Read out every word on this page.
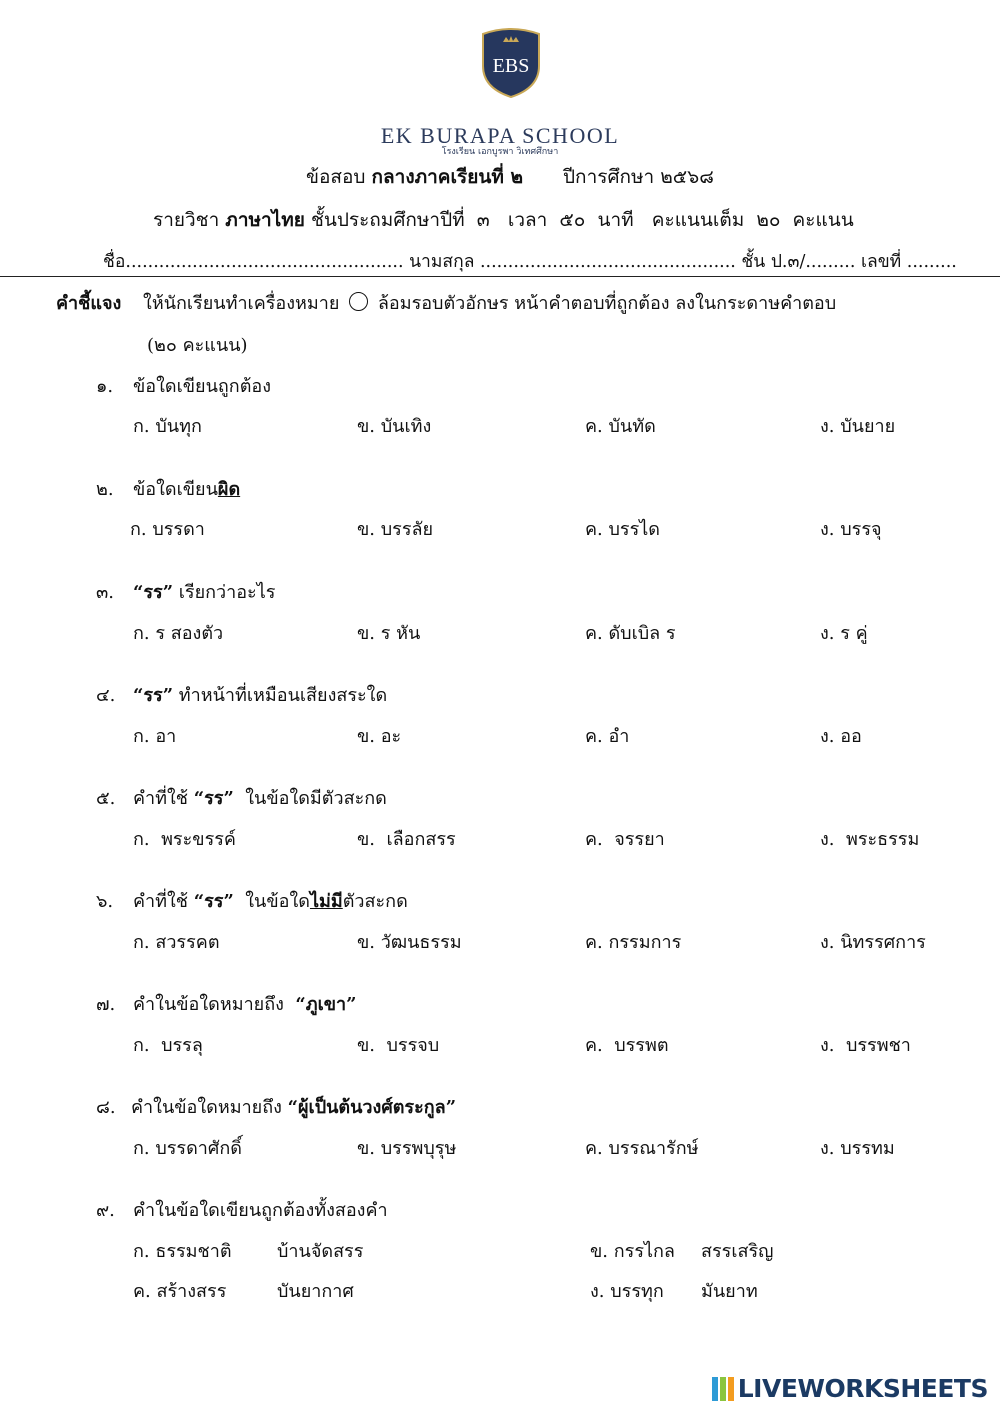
EBS
EK BURAPA SCHOOL
โรงเรียน เอกบูรพา วิเทศศึกษา
ข้อสอบ กลางภาคเรียนที่ ๒ ปีการศึกษา ๒๕๖๘
รายวิชา ภาษาไทย ชั้นประถมศึกษาปีที่  ๓   เวลา  ๕๐  นาที   คะแนนเต็ม  ๒๐  คะแนน
ชื่อ.................................................. นามสกุล .............................................. ชั้น ป.๓/......... เลขที่ .........
คำชี้แจง ให้นักเรียนทำเครื่องหมาย ล้อมรอบตัวอักษร หน้าคำตอบที่ถูกต้อง ลงในกระดาษคำตอบ
(๒๐ คะแนน)
๑. ข้อใดเขียนถูกต้อง
ก. บันทุก	ข. บันเทิง	ค. บันทัด	ง. บันยาย
๒. ข้อใดเขียนผิด
ก. บรรดา	ข. บรรลัย	ค. บรรได	ง. บรรจุ
๓. “รร” เรียกว่าอะไร
ก. ร สองตัว	ข. ร หัน	ค. ดับเบิล ร	ง. ร คู่
๔. “รร” ทำหน้าที่เหมือนเสียงสระใด
ก. อา	ข. อะ	ค. อำ	ง. ออ
๕. คำที่ใช้ “รร”  ในข้อใดมีตัวสะกด
ก.  พระขรรค์	ข.  เลือกสรร	ค.  จรรยา	ง.  พระธรรม
๖. คำที่ใช้ “รร”  ในข้อใดไม่มีตัวสะกด
ก. สวรรคต	ข. วัฒนธรรม	ค. กรรมการ	ง. นิทรรศการ
๗. คำในข้อใดหมายถึง  “ภูเขา”
ก.  บรรลุ	ข.  บรรจบ	ค.  บรรพต	ง.  บรรพชา
๘. คำในข้อใดหมายถึง “ผู้เป็นต้นวงศ์ตระกูล”
ก. บรรดาศักดิ์	ข. บรรพบุรุษ	ค. บรรณารักษ์	ง. บรรทม
๙. คำในข้อใดเขียนถูกต้องทั้งสองคำ
ก. ธรรมชาติ	บ้านจัดสรร	ข. กรรไกล สรรเสริญ
ค. สร้างสรร	บันยากาศ	ง. บรรทุก มันยาท
LIVEWORKSHEETS
